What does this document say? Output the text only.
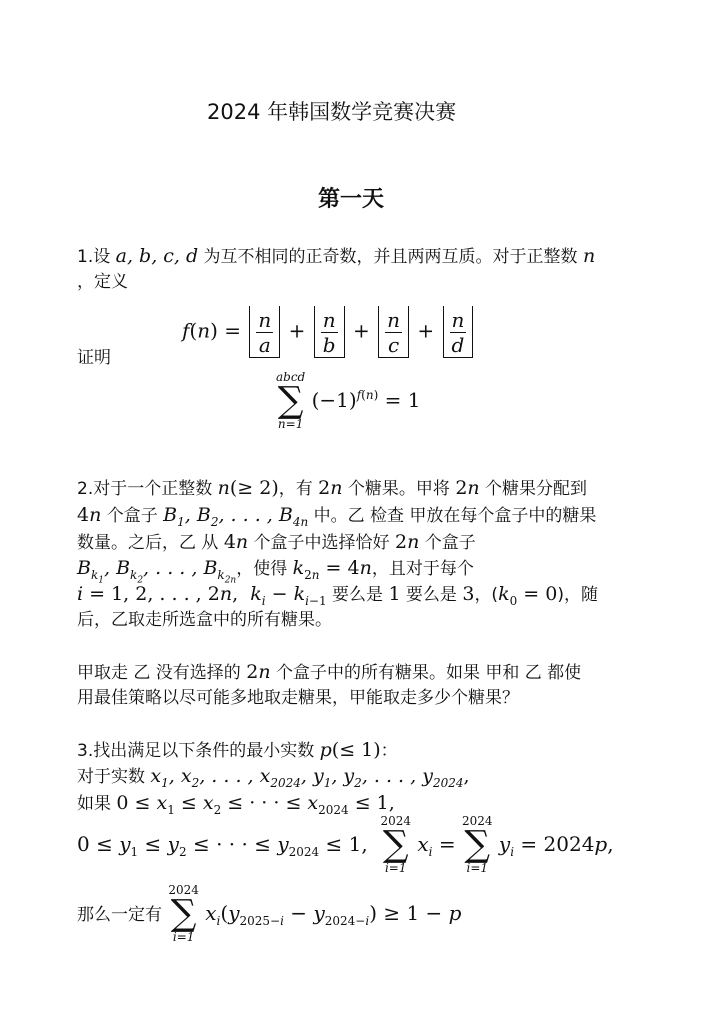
2024 年韩国数学竞赛决赛
第一天
1.设 a, b, c, d 为互不相同的正奇数，并且两两互质。对于正整数 n
，定义
$f(n) = \frac{n}{a} + \frac{n}{b} + \frac{n}{c} + \frac{n}{d}$
证明
abcd
∑
n=1
$(-1)^{f(n)} = 1$
2.对于一个正整数 n(≥ 2)，有 2n 个糖果。甲将 2n 个糖果分配到
4n 个盒子 $B_1$, $B_2$, . . . , $B_{4n}$ 中。乙 检查 甲放在每个盒子中的糖果
数量。之后，乙 从 4n 个盒子中选择恰好 2n 个盒子
$B_{k_1}$, $B_{k_2}$, . . . , $B_{k_{2n}}$，使得 $k_{2n} = 4n$，且对于每个
i = 1, 2, . . . , 2n,  $k_i - k_{i-1}$ 要么是 1 要么是 3，$(k_0 = 0)$，随
后，乙取走所选盒中的所有糖果。
甲取走 乙 没有选择的 2n 个盒子中的所有糖果。如果 甲和 乙 都使
用最佳策略以尽可能多地取走糖果，甲能取走多少个糖果？
3.找出满足以下条件的最小实数 p(≤ 1)：
对于实数 $x_1$, $x_2$, . . . , $x_{2024}$, $y_1$, $y_2$, . . . , $y_{2024}$,
如果 $0 \le x_1 \le x_2$ ≤ · · · ≤ $x_{2024} \le 1$,
$0 \le y_1 \le y_2$ ≤ · · · ≤ $y_{2024} \le 1$,
2024
∑
i=1
$x_i$ =
2024
∑
i=1
$y_i = 2024p$,
那么一定有
2024
∑
i=1
$x_i(y_{2025-i} - y_{2024-i}) \ge 1 - p$
